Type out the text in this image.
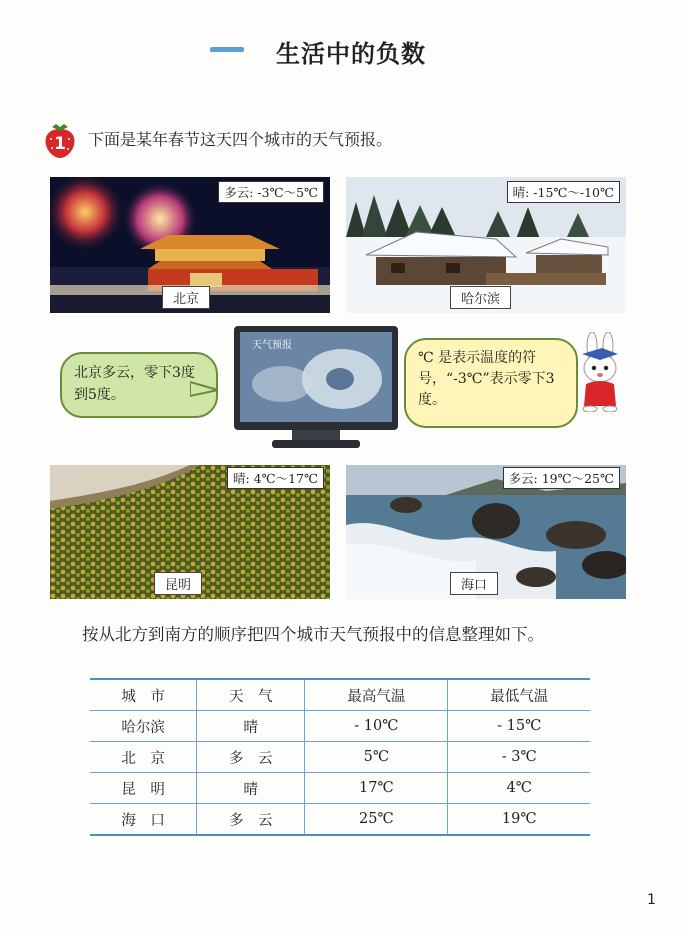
生活中的负数
1 下面是某年春节这天四个城市的天气预报。
多云: -3℃～5℃
北京
晴: -15℃～-10℃
哈尔滨
北京多云，零下3度到5度。
天气预报
℃ 是表示温度的符号，“-3℃”表示零下3度。
晴: 4℃～17℃
昆明
多云: 19℃～25℃
海口
按从北方到南方的顺序把四个城市天气预报中的信息整理如下。
城　市	天　气	最高气温	最低气温
哈尔滨	晴	- 10℃	- 15℃
北　京	多　云	5℃	- 3℃
昆　明	晴	17℃	4℃
海　口	多　云	25℃	19℃
1
